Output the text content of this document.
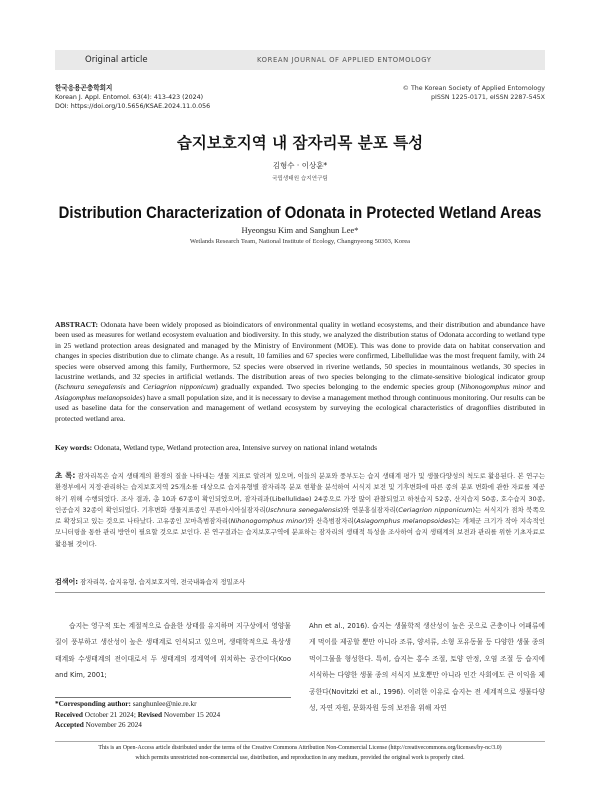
Original article	KOREAN JOURNAL OF APPLIED ENTOMOLOGY
한국응용곤충학회지
Korean J. Appl. Entomol. 63(4): 413-423 (2024)
DOI: https://doi.org/10.5656/KSAE.2024.11.0.056
© The Korean Society of Applied Entomology
pISSN 1225-0171, eISSN 2287-545X
습지보호지역 내 잠자리목 분포 특성
김형수 · 이상훈*
국립생태원 습지연구팀
Distribution Characterization of Odonata in Protected Wetland Areas
Hyeongsu Kim and Sanghun Lee*
Wetlands Research Team, National Institute of Ecology, Changnyeong 50303, Korea
ABSTRACT: Odonata have been widely proposed as bioindicators of environmental quality in wetland ecosystems, and their distribution and abundance have been used as measures for wetland ecosystem evaluation and biodiversity. In this study, we analyzed the distribution status of Odonata according to wetland type in 25 wetland protection areas designated and managed by the Ministry of Environment (MOE). This was done to provide data on habitat conservation and changes in species distribution due to climate change. As a result, 10 families and 67 species were confirmed, Libellulidae was the most frequent family, with 24 species were observed among this family, Furthermore, 52 species were observed in riverine wetlands, 50 species in mountainous wetlands, 30 species in lacustrine wetlands, and 32 species in artificial wetlands. The distribution areas of two species belonging to the climate-sensitive biological indicator group (Ischnura senegalensis and Ceriagrion nipponicum) gradually expanded. Two species belonging to the endemic species group (Nihonogomphus minor and Asiagomphus melanopsoides) have a small population size, and it is necessary to devise a management method through continuous monitoring. Our results can be used as baseline data for the conservation and management of wetland ecosystem by surveying the ecological characteristics of dragonflies distributed in protected wetland area.
Key words: Odonata, Wetland type, Wetland protection area, Intensive survey on national inland wetalnds
초 록: 잠자리목은 습지 생태계의 환경의 질을 나타내는 생물 지표로 알려져 있으며, 이들의 분포와 풍부도는 습지 생태계 평가 및 생물다양성의 척도로 활용된다. 본 연구는 환경부에서 지정·관리하는 습지보호지역 25개소를 대상으로 습지유형별 잠자리목 분포 현황을 분석하여 서식지 보전 및 기후변화에 따른 종의 분포 변화에 관한 자료를 제공하기 위해 수행되었다. 조사 결과, 총 10과 67종이 확인되었으며, 잠자리과(Libellulidae) 24종으로 가장 많이 관찰되었고 하천습지 52종, 산지습지 50종, 호수습지 30종, 인공습지 32종이 확인되었다. 기후변화 생물지표종인 푸른아시아실잠자리(Ischnura senegalensis)와 연분홍실잠자리(Ceriagrion nipponicum)는 서식지가 점차 북쪽으로 확장되고 있는 것으로 나타났다. 고유종인 꼬마측범잠자리(Nihonogomphus minor)와 산측범잠자리(Asiagomphus melanopsoides)는 개체군 크기가 작아 지속적인 모니터링을 통한 관리 방안이 필요할 것으로 보인다. 본 연구결과는 습지보호구역에 분포하는 잠자리의 생태적 특성을 조사하여 습지 생태계의 보전과 관리를 위한 기초자료로 활용될 것이다.
검색어: 잠자리목, 습지유형, 습지보호지역, 전국내륙습지 정밀조사
습지는 영구적 또는 계절적으로 습윤한 상태를 유지하며 지구상에서 영양물질이 풍부하고 생산성이 높은 생태계로 인식되고 있으며, 생태학적으로 육상생태계와 수생태계의 전이대로서 두 생태계의 경계역에 위치하는 공간이다(Koo and Kim, 2001;
Ahn et al., 2016). 습지는 생물학적 생산성이 높은 곳으로 곤충이나 어패류에게 먹이를 제공할 뿐만 아니라 조류, 양서류, 소형 포유동물 등 다양한 생물 종의 먹이그물을 형성한다. 특히, 습지는 홍수 조절, 토양 안정, 오염 조절 등 습지에 서식하는 다양한 생물 종의 서식지 보호뿐만 아니라 인간 사회에도 큰 이익을 제공한다(Novitzki et al., 1996). 이러한 이유로 습지는 전 세계적으로 생물다양성, 자연 자원, 문화자원 등의 보전을 위해 자연
*Corresponding author: sanghunlee@nie.re.kr
Received October 21 2024; Revised November 15 2024
Accepted November 26 2024
This is an Open-Access article distributed under the terms of the Creative Commons Attribution Non-Commercial License (http://creativecommons.org/licenses/by-nc/3.0)
which permits unrestricted non-commercial use, distribution, and reproduction in any medium, provided the original work is properly cited.
